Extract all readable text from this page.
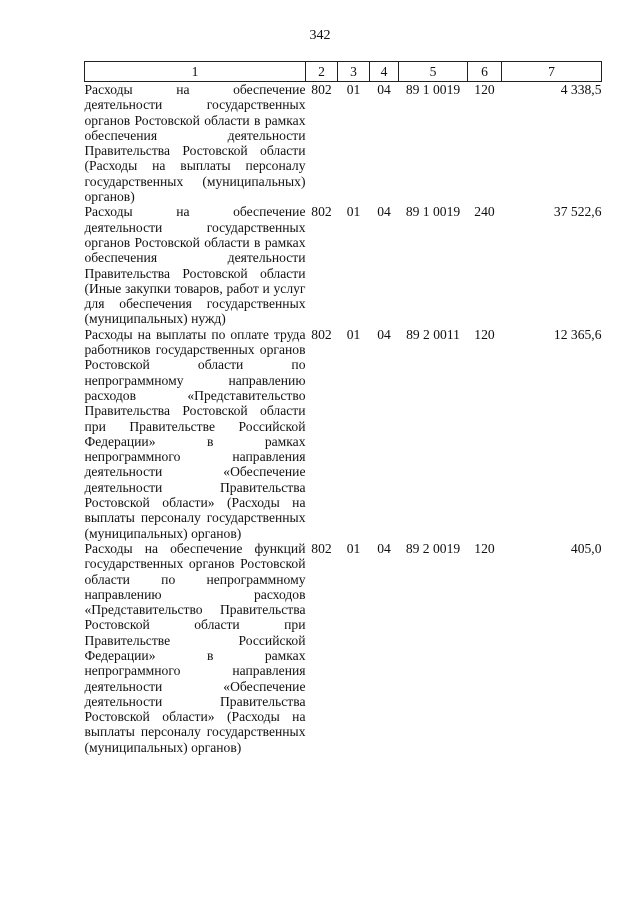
342
1	2	3	4	5	6	7
Расходы на обеспечение деятельности государственных органов Ростовской области в рамках обеспечения деятельности Правительства Ростовской области (Расходы на выплаты персоналу государственных (муниципальных) органов)	802	01	04	89 1 0019	120	4 338,5
Расходы на обеспечение деятельности государственных органов Ростовской области в рамках обеспечения деятельности Правительства Ростовской области (Иные закупки товаров, работ и услуг для обеспечения государственных (муниципальных) нужд)	802	01	04	89 1 0019	240	37 522,6
Расходы на выплаты по оплате труда работников государственных органов Ростовской области по непрограммному направлению расходов «Представительство Правительства Ростовской области при Правительстве Российской Федерации» в рамках непрограммного направления деятельности «Обеспечение деятельности Правительства Ростовской области» (Расходы на выплаты персоналу государственных (муниципальных) органов)	802	01	04	89 2 0011	120	12 365,6
Расходы на обеспечение функций государственных органов Ростовской области по непрограммному направлению расходов «Представительство Правительства Ростовской области при Правительстве Российской Федерации» в рамках непрограммного направления деятельности «Обеспечение деятельности Правительства Ростовской области» (Расходы на выплаты персоналу государственных (муниципальных) органов)	802	01	04	89 2 0019	120	405,0
